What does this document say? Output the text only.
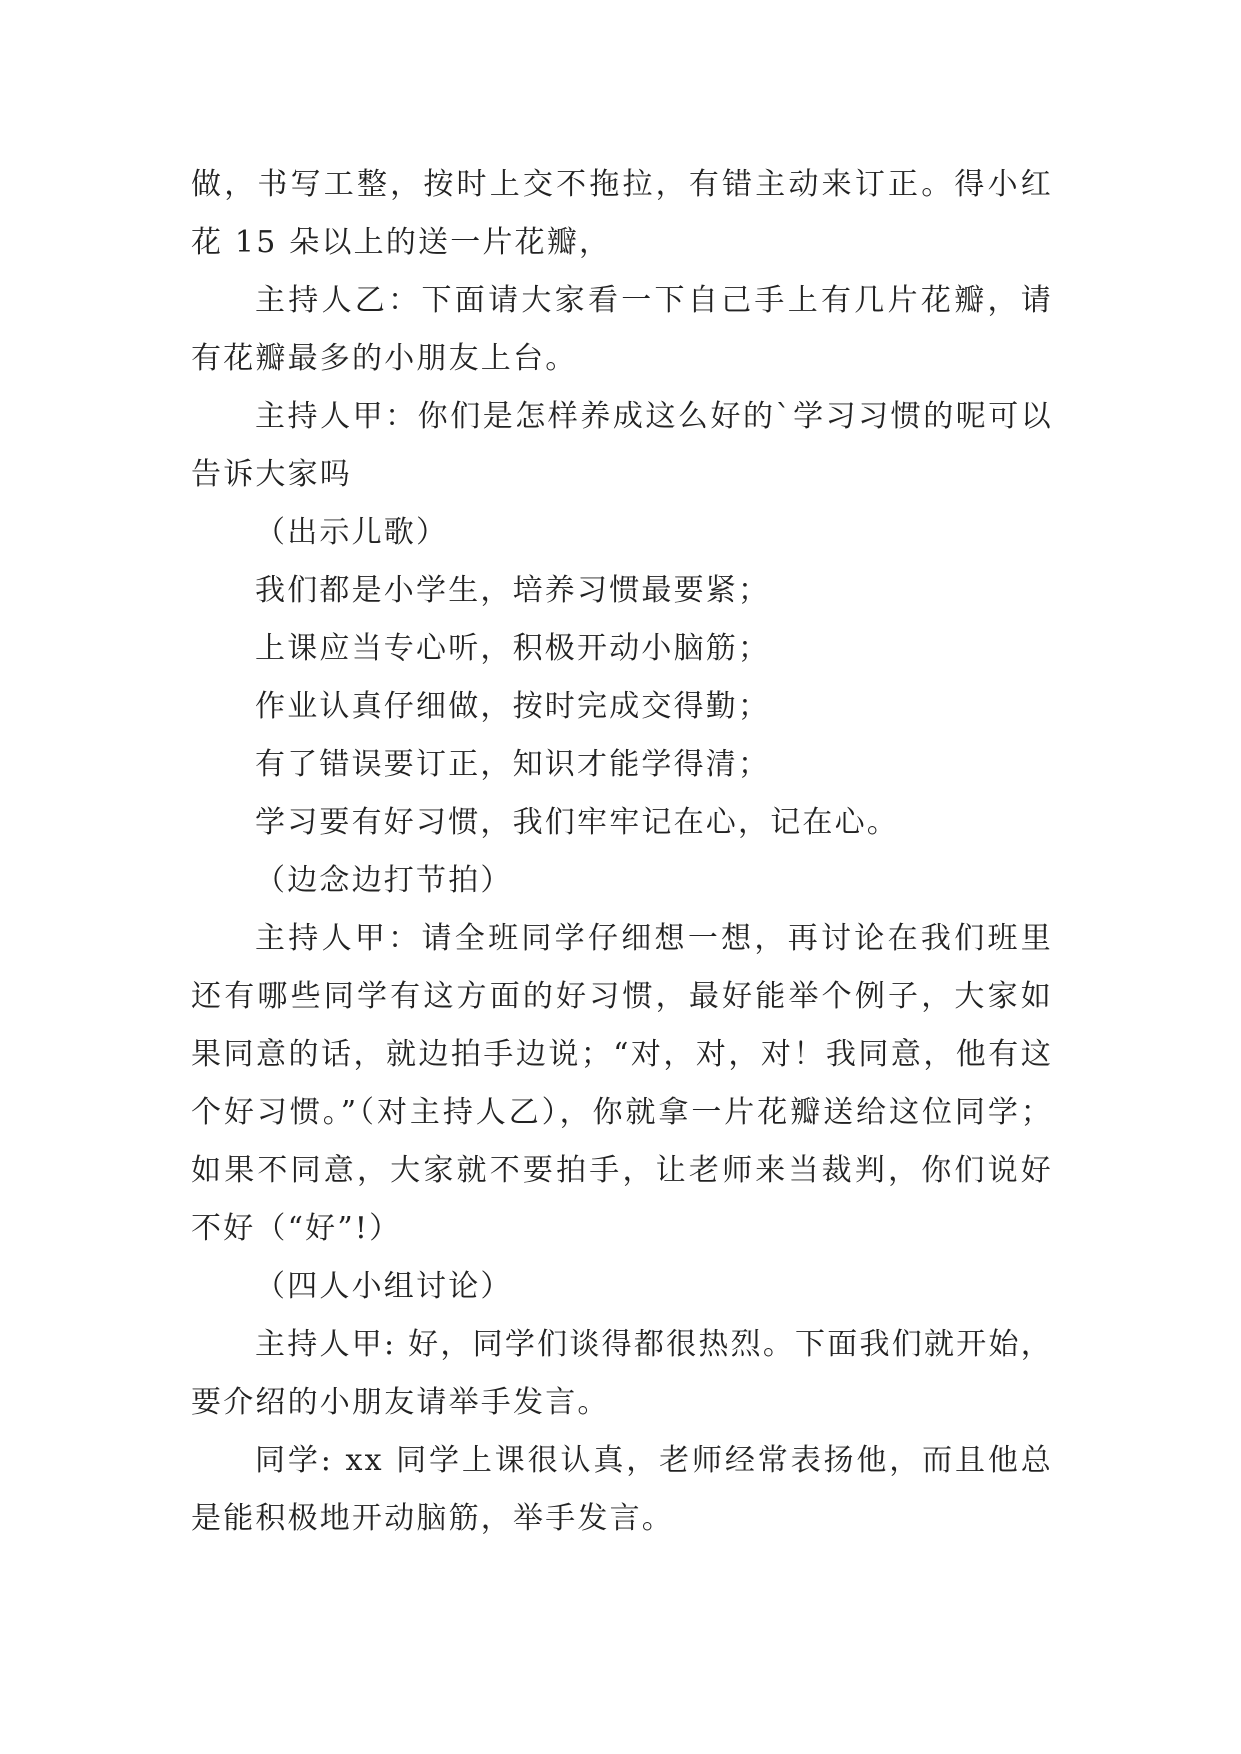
做，书写工整，按时上交不拖拉，有错主动来订正。得小红花 15 朵以上的送一片花瓣，

主持人乙：下面请大家看一下自己手上有几片花瓣，请有花瓣最多的小朋友上台。

主持人甲：你们是怎样养成这么好的`学习习惯的呢可以告诉大家吗

（出示儿歌）

我们都是小学生，培养习惯最要紧；

上课应当专心听，积极开动小脑筋；

作业认真仔细做，按时完成交得勤；

有了错误要订正，知识才能学得清；

学习要有好习惯，我们牢牢记在心，记在心。

（边念边打节拍）

主持人甲：请全班同学仔细想一想，再讨论在我们班里还有哪些同学有这方面的好习惯，最好能举个例子，大家如果同意的话，就边拍手边说；“对，对，对！我同意，他有这个好习惯。”（对主持人乙），你就拿一片花瓣送给这位同学；如果不同意，大家就不要拍手，让老师来当裁判，你们说好不好（“好”!）

（四人小组讨论）

主持人甲: 好，同学们谈得都很热烈。下面我们就开始，要介绍的小朋友请举手发言。

同学: xx 同学上课很认真，老师经常表扬他，而且他总是能积极地开动脑筋，举手发言。
